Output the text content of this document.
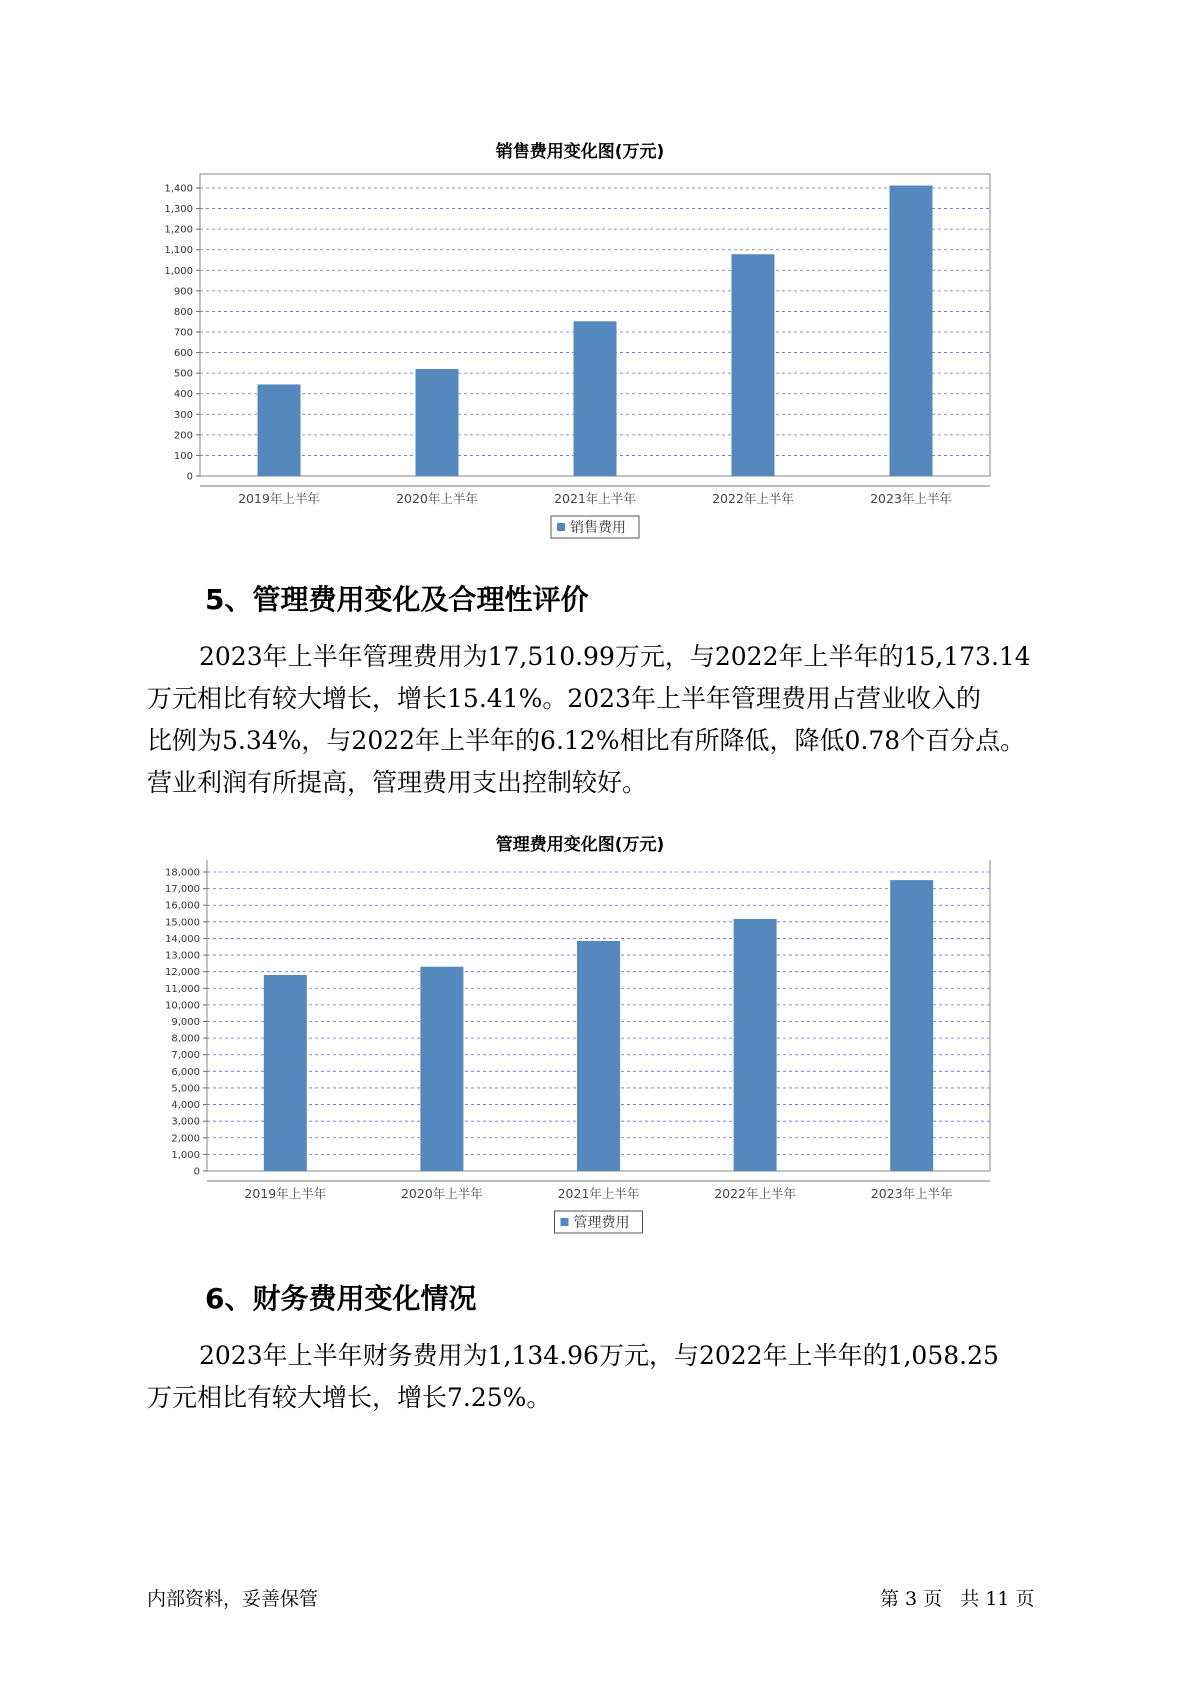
销售费用变化图(万元)
0
100
200
300
400
500
600
700
800
900
1,000
1,100
1,200
1,300
1,400
2019年上半年	2020年上半年	2021年上半年	2022年上半年	2023年上半年
销售费用
5、管理费用变化及合理性评价
2023年上半年管理费用为17,510.99万元，与2022年上半年的15,173.14
万元相比有较大增长，增长15.41%。2023年上半年管理费用占营业收入的
比例为5.34%，与2022年上半年的6.12%相比有所降低，降低0.78个百分点。
营业利润有所提高，管理费用支出控制较好。
管理费用变化图(万元)
0
1,000
2,000
3,000
4,000
5,000
6,000
7,000
8,000
9,000
10,000
11,000
12,000
13,000
14,000
15,000
16,000
17,000
18,000
2019年上半年	2020年上半年	2021年上半年	2022年上半年	2023年上半年
管理费用
6、财务费用变化情况
2023年上半年财务费用为1,134.96万元，与2022年上半年的1,058.25
万元相比有较大增长，增长7.25%。
内部资料，妥善保管	第 3 页   共 11 页
